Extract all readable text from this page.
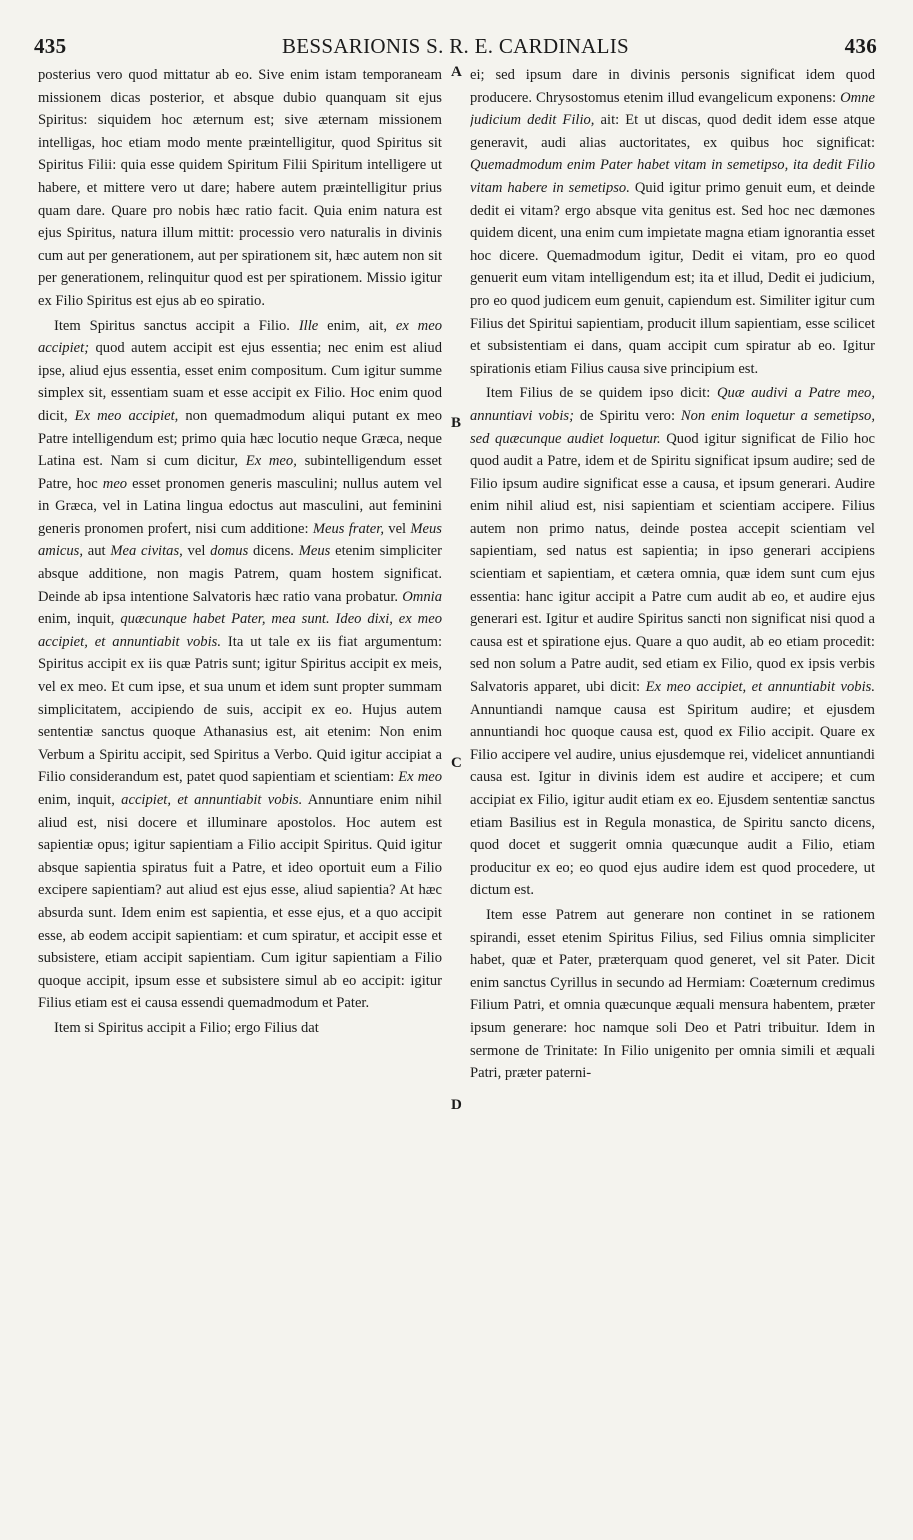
435	BESSARIONIS S. R. E. CARDINALIS	436
A
B
C
D

posterius vero quod mittatur ab eo. Sive enim istam temporaneam missionem dicas posterior, et absque dubio quanquam sit ejus Spiritus: siquidem hoc æternum est; sive æternam missionem intelligas, hoc etiam modo mente præintelligitur, quod Spiritus sit Spiritus Filii: quia esse quidem Spiritum Filii Spiritum intelligere ut habere, et mittere vero ut dare; habere autem præintelligitur prius quam dare. Quare pro nobis hæc ratio facit. Quia enim natura est ejus Spiritus, natura illum mittit: processio vero naturalis in divinis cum aut per generationem, aut per spirationem sit, hæc autem non sit per generationem, relinquitur quod est per spirationem. Missio igitur ex Filio Spiritus est ejus ab eo spiratio.

Item Spiritus sanctus accipit a Filio. Ille enim, ait, ex meo accipiet; quod autem accipit est ejus essentia; nec enim est aliud ipse, aliud ejus essentia, esset enim compositum. Cum igitur summe simplex sit, essentiam suam et esse accipit ex Filio. Hoc enim quod dicit, Ex meo accipiet, non quemadmodum aliqui putant ex meo Patre intelligendum est; primo quia hæc locutio neque Græca, neque Latina est. Nam si cum dicitur, Ex meo, subintelligendum esset Patre, hoc meo esset pronomen generis masculini; nullus autem vel in Græca, vel in Latina lingua edoctus aut masculini, aut feminini generis pronomen profert, nisi cum additione: Meus frater, vel Meus amicus, aut Mea civitas, vel domus dicens. Meus etenim simpliciter absque additione, non magis Patrem, quam hostem significat. Deinde ab ipsa intentione Salvatoris hæc ratio vana probatur. Omnia enim, inquit, quæcunque habet Pater, mea sunt. Ideo dixi, ex meo accipiet, et annuntiabit vobis. Ita ut tale ex iis fiat argumentum: Spiritus accipit ex iis quæ Patris sunt; igitur Spiritus accipit ex meis, vel ex meo. Et cum ipse, et sua unum et idem sunt propter summam simplicitatem, accipiendo de suis, accipit ex eo. Hujus autem sententiæ sanctus quoque Athanasius est, ait etenim: Non enim Verbum a Spiritu accipit, sed Spiritus a Verbo. Quid igitur accipiat a Filio considerandum est, patet quod sapientiam et scientiam: Ex meo enim, inquit, accipiet, et annuntiabit vobis. Annuntiare enim nihil aliud est, nisi docere et illuminare apostolos. Hoc autem est sapientiæ opus; igitur sapientiam a Filio accipit Spiritus. Quid igitur absque sapientia spiratus fuit a Patre, et ideo oportuit eum a Filio excipere sapientiam? aut aliud est ejus esse, aliud sapientia? At hæc absurda sunt. Idem enim est sapientia, et esse ejus, et a quo accipit esse, ab eodem accipit sapientiam: et cum spiratur, et accipit esse et subsistere, etiam accipit sapientiam. Cum igitur sapientiam a Filio quoque accipit, ipsum esse et subsistere simul ab eo accipit: igitur Filius etiam est ei causa essendi quemadmodum et Pater.

Item si Spiritus accipit a Filio; ergo Filius dat

ei; sed ipsum dare in divinis personis significat idem quod producere. Chrysostomus etenim illud evangelicum exponens: Omne judicium dedit Filio, ait: Et ut discas, quod dedit idem esse atque generavit, audi alias auctoritates, ex quibus hoc significat: Quemadmodum enim Pater habet vitam in semetipso, ita dedit Filio vitam habere in semetipso. Quid igitur primo genuit eum, et deinde dedit ei vitam? ergo absque vita genitus est. Sed hoc nec dæmones quidem dicent, una enim cum impietate magna etiam ignorantia esset hoc dicere. Quemadmodum igitur, Dedit ei vitam, pro eo quod genuerit eum vitam intelligendum est; ita et illud, Dedit ei judicium, pro eo quod judicem eum genuit, capiendum est. Similiter igitur cum Filius det Spiritui sapientiam, producit illum sapientiam, esse scilicet et subsistentiam ei dans, quam accipit cum spiratur ab eo. Igitur spirationis etiam Filius causa sive principium est.

Item Filius de se quidem ipso dicit: Quæ audivi a Patre meo, annuntiavi vobis; de Spiritu vero: Non enim loquetur a semetipso, sed quæcunque audiet loquetur. Quod igitur significat de Filio hoc quod audit a Patre, idem et de Spiritu significat ipsum audire; sed de Filio ipsum audire significat esse a causa, et ipsum generari. Audire enim nihil aliud est, nisi sapientiam et scientiam accipere. Filius autem non primo natus, deinde postea accepit scientiam vel sapientiam, sed natus est sapientia; in ipso generari accipiens scientiam et sapientiam, et cætera omnia, quæ idem sunt cum ejus essentia: hanc igitur accipit a Patre cum audit ab eo, et audire ejus generari est. Igitur et audire Spiritus sancti non significat nisi quod a causa est et spiratione ejus. Quare a quo audit, ab eo etiam procedit: sed non solum a Patre audit, sed etiam ex Filio, quod ex ipsis verbis Salvatoris apparet, ubi dicit: Ex meo accipiet, et annuntiabit vobis. Annuntiandi namque causa est Spiritum audire; et ejusdem annuntiandi hoc quoque causa est, quod ex Filio accipit. Quare ex Filio accipere vel audire, unius ejusdemque rei, videlicet annuntiandi causa est. Igitur in divinis idem est audire et accipere; et cum accipiat ex Filio, igitur audit etiam ex eo. Ejusdem sententiæ sanctus etiam Basilius est in Regula monastica, de Spiritu sancto dicens, quod docet et suggerit omnia quæcunque audit a Filio, etiam producitur ex eo; eo quod ejus audire idem est quod procedere, ut dictum est.

Item esse Patrem aut generare non continet in se rationem spirandi, esset etenim Spiritus Filius, sed Filius omnia simpliciter habet, quæ et Pater, præterquam quod generet, vel sit Pater. Dicit enim sanctus Cyrillus in secundo ad Hermiam: Coæternum credimus Filium Patri, et omnia quæcunque æquali mensura habentem, præter ipsum generare: hoc namque soli Deo et Patri tribuitur. Idem in sermone de Trinitate: In Filio unigenito per omnia simili et æquali Patri, præter paterni-
